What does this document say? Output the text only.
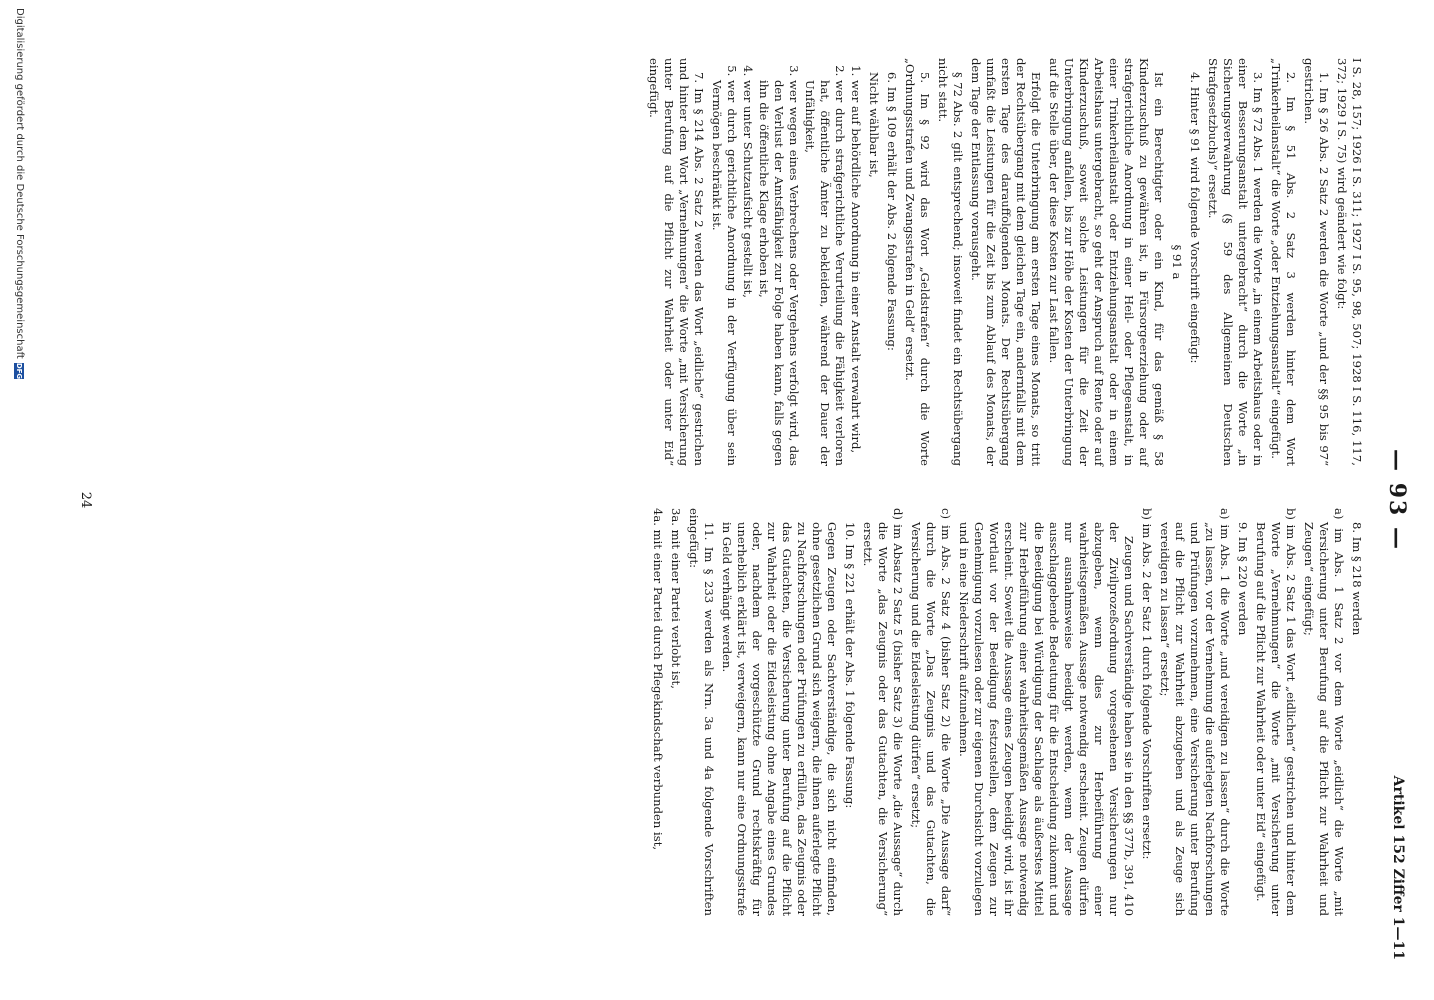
— 93 —
Artikel 152 Ziffer 1—11

I S. 28, 157; 1926 I S. 311; 1927 I S. 95, 98, 507; 1928 I S. 116, 117, 372; 1929 I S. 75) wird geändert wie folgt:

1. Im § 26 Abs. 2 Satz 2 werden die Worte „und der §§ 95 bis 97“ gestrichen.

2. Im § 51 Abs. 2 Satz 3 werden hinter dem Wort „Trinkerheilanstalt“ die Worte „oder Entziehungsanstalt“ eingefügt.

3. Im § 72 Abs. 1 werden die Worte „in einem Arbeitshaus oder in einer Besserungsanstalt untergebracht“ durch die Worte „in Sicherungsverwahrung (§ 59 des Allgemeinen Deutschen Strafgesetzbuchs)“ ersetzt.

4. Hinter § 91 wird folgende Vorschrift eingefügt:

§ 91 a

Ist ein Berechtigter oder ein Kind, für das gemäß § 58 Kinderzuschuß zu gewähren ist, in Fürsorgeerziehung oder auf strafgerichtliche Anordnung in einer Heil- oder Pflegeanstalt, in einer Trinkerheilanstalt oder Entziehungsanstalt oder in einem Arbeitshaus untergebracht, so geht der Anspruch auf Rente oder auf Kinderzuschuß, soweit solche Leistungen für die Zeit der Unterbringung anfallen, bis zur Höhe der Kosten der Unterbringung auf die Stelle über, der diese Kosten zur Last fallen.

Erfolgt die Unterbringung am ersten Tage eines Monats, so tritt der Rechtsübergang mit dem gleichen Tage ein, andernfalls mit dem ersten Tage des darauffolgenden Monats. Der Rechtsübergang umfaßt die Leistungen für die Zeit bis zum Ablauf des Monats, der dem Tage der Entlassung vorausgeht.

§ 72 Abs. 2 gilt entsprechend; insoweit findet ein Rechtsübergang nicht statt.

5. Im § 92 wird das Wort „Geldstrafen“ durch die Worte „Ordnungsstrafen und Zwangsstrafen in Geld“ ersetzt.

6. Im § 109 erhält der Abs. 2 folgende Fassung:

Nicht wählbar ist,

1. wer auf behördliche Anordnung in einer Anstalt verwahrt wird,
2. wer durch strafgerichtliche Verurteilung die Fähigkeit verloren hat, öffentliche Ämter zu bekleiden, während der Dauer der Unfähigkeit,
3. wer wegen eines Verbrechens oder Vergehens verfolgt wird, das den Verlust der Amtsfähigkeit zur Folge haben kann, falls gegen ihn die öffentliche Klage erhoben ist,
4. wer unter Schutzaufsicht gestellt ist,
5. wer durch gerichtliche Anordnung in der Verfügung über sein Vermögen beschränkt ist.

7. Im § 214 Abs. 2 Satz 2 werden das Wort „eidliche“ gestrichen und hinter dem Wort „Vernehmungen“ die Worte „mit Versicherung unter Berufung auf die Pflicht zur Wahrheit oder unter Eid“ eingefügt.

8. Im § 218 werden

a) im Abs. 1 Satz 2 vor dem Worte „eidlich“ die Worte „mit Versicherung unter Berufung auf die Pflicht zur Wahrheit und Zeugen“ eingefügt;

b) im Abs. 2 Satz 1 das Wort „eidlichen“ gestrichen und hinter dem Worte „Vernehmungen“ die Worte „mit Versicherung unter Berufung auf die Pflicht zur Wahrheit oder unter Eid“ eingefügt.

9. Im § 220 werden

a) im Abs. 1 die Worte „und vereidigen zu lassen“ durch die Worte „zu lassen, vor der Vernehmung die auferlegten Nachforschungen und Prüfungen vorzunehmen, eine Versicherung unter Berufung auf die Pflicht zur Wahrheit abzugeben und als Zeuge sich vereidigen zu lassen“ ersetzt;

b) im Abs. 2 der Satz 1 durch folgende Vorschriften ersetzt:

Zeugen und Sachverständige haben sie in den §§ 377b, 391, 410 der Zivilprozeßordnung vorgesehenen Versicherungen nur abzugeben, wenn dies zur Herbeiführung einer wahrheitsgemäßen Aussage notwendig erscheint. Zeugen dürfen nur ausnahmsweise beeidigt werden, wenn der Aussage ausschlaggebende Bedeutung für die Entscheidung zukommt und die Beeidigung bei Würdigung der Sachlage als äußerstes Mittel zur Herbeiführung einer wahrheitsgemäßen Aussage notwendig erscheint. Soweit die Aussage eines Zeugen beeidigt wird, ist ihr Wortlaut vor der Beeidigung festzustellen, dem Zeugen zur Genehmigung vorzulesen oder zur eigenen Durchsicht vorzulegen und in eine Niederschrift aufzunehmen.

c) im Abs. 2 Satz 4 (bisher Satz 2) die Worte „Die Aussage darf“ durch die Worte „Das Zeugnis und das Gutachten, die Versicherung und die Eidesleistung dürfen“ ersetzt;

d) im Absatz 2 Satz 5 (bisher Satz 3) die Worte „die Aussage“ durch die Worte „das Zeugnis oder das Gutachten, die Versicherung“ ersetzt.

10. Im § 221 erhält der Abs. 1 folgende Fassung:

Gegen Zeugen oder Sachverständige, die sich nicht einfinden, ohne gesetzlichen Grund sich weigern, die ihnen auferlegte Pflicht zu Nachforschungen oder Prüfungen zu erfüllen, das Zeugnis oder das Gutachten, die Versicherung unter Berufung auf die Pflicht zur Wahrheit oder die Eidesleistung ohne Angabe eines Grundes oder, nachdem der vorgeschützte Grund rechtskräftig für unerheblich erklärt ist, verweigern, kann nur eine Ordnungsstrafe in Geld verhängt werden.

11. Im § 233 werden als Nrn. 3a und 4a folgende Vorschriften eingefügt:

3a. mit einer Partei verlobt ist,

4a. mit einer Partei durch Pflegekindschaft verbunden ist,

24
Digitalisierung gefördert durch die Deutsche Forschungsgemeinschaft
DFG
